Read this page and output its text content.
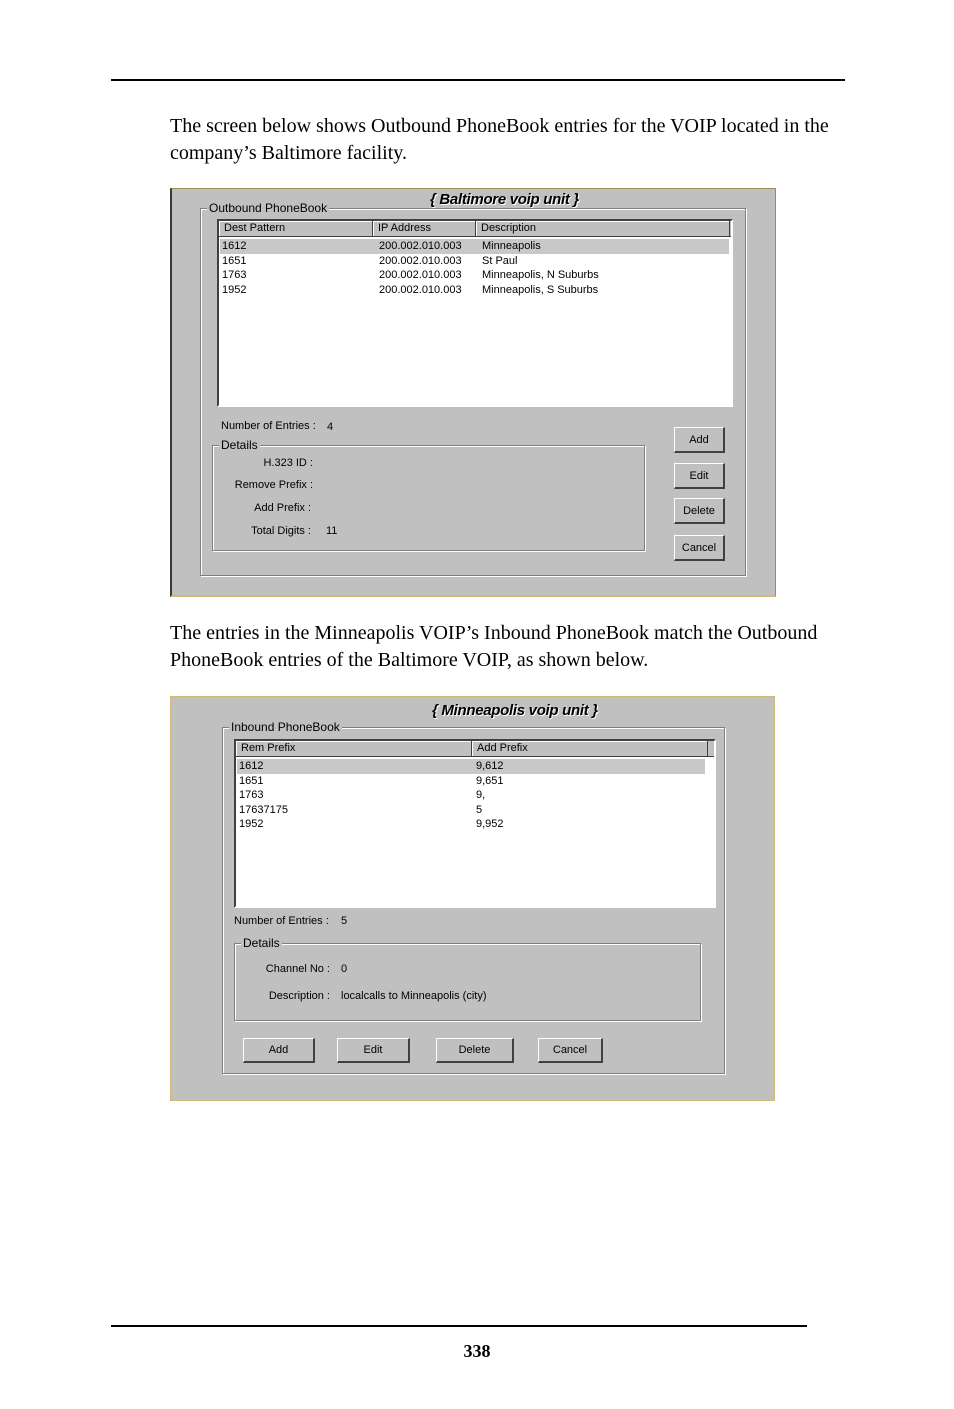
The screen below shows Outbound PhoneBook entries for the VOIP located in the company’s Baltimore facility.

Outbound PhoneBook	{ Baltimore voip unit }
Dest Pattern	IP Address	Description
1612	200.002.010.003 Minneapolis
1651	200.002.010.003 St Paul
1763	200.002.010.003 Minneapolis, N Suburbs
1952	200.002.010.003 Minneapolis, S Suburbs
Number of Entries : 4
Details
H.323 ID :
Remove Prefix :
Add Prefix :
Total Digits : 11
Add
Edit
Delete
Cancel

The entries in the Minneapolis VOIP’s Inbound PhoneBook match the Outbound PhoneBook entries of the Baltimore VOIP, as shown below.

Inbound PhoneBook
{ Minneapolis voip unit }
Rem Prefix	Add Prefix
1612	9,612
1651	9,651
1763	9,
17637175	5
1952	9,952
Number of Entries : 5
Details
Channel No : 0
Description : localcalls to Minneapolis (city)
Add	Edit	Delete	Cancel
338
